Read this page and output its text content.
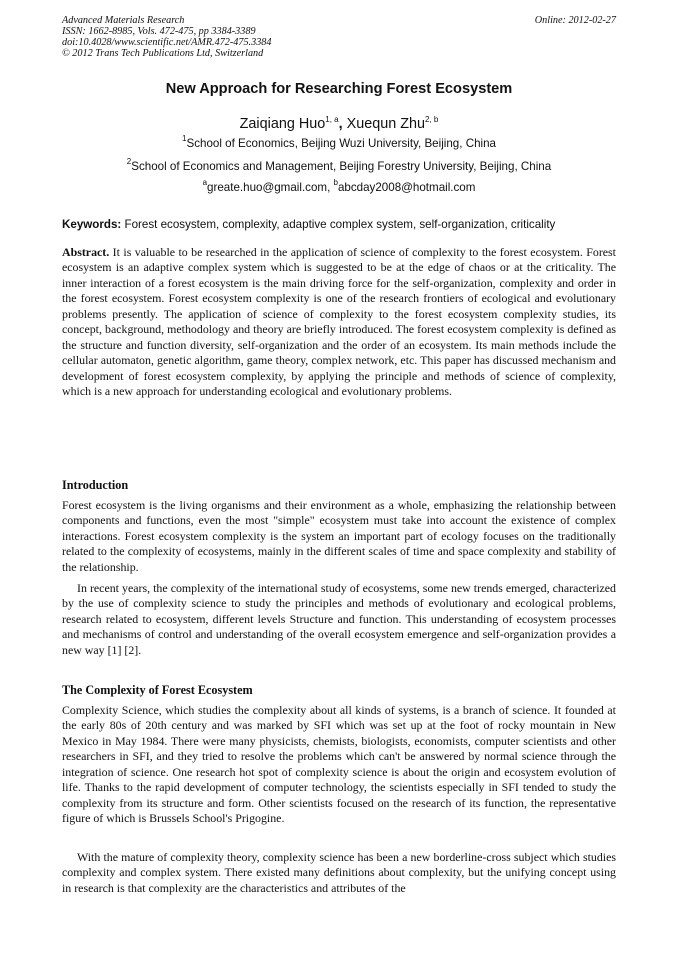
Advanced Materials Research
ISSN: 1662-8985, Vols. 472-475, pp 3384-3389
doi:10.4028/www.scientific.net/AMR.472-475.3384
© 2012 Trans Tech Publications Ltd, Switzerland
Online: 2012-02-27
New Approach for Researching Forest Ecosystem
Zaiqiang Huo$^{1, a}$, Xuequn Zhu$^{2, b}$
$^1$School of Economics, Beijing Wuzi University, Beijing, China
$^2$School of Economics and Management, Beijing Forestry University, Beijing, China
$^a$greate.huo@gmail.com, $^b$abcday2008@hotmail.com
Keywords: Forest ecosystem, complexity, adaptive complex system, self-organization, criticality

Abstract. It is valuable to be researched in the application of science of complexity to the forest ecosystem. Forest ecosystem is an adaptive complex system which is suggested to be at the edge of chaos or at the criticality. The inner interaction of a forest ecosystem is the main driving force for the self-organization, complexity and order in the forest ecosystem. Forest ecosystem complexity is one of the research frontiers of ecological and evolutionary problems presently. The application of science of complexity to the forest ecosystem complexity studies, its concept, background, methodology and theory are briefly introduced. The forest ecosystem complexity is defined as the structure and function diversity, self-organization and the order of an ecosystem. Its main methods include the cellular automaton, genetic algorithm, game theory, complex network, etc. This paper has discussed mechanism and development of forest ecosystem complexity, by applying the principle and methods of science of complexity, which is a new approach for understanding ecological and evolutionary problems.

Introduction

Forest ecosystem is the living organisms and their environment as a whole, emphasizing the relationship between components and functions, even the most "simple" ecosystem must take into account the existence of complex interactions. Forest ecosystem complexity is the system an important part of ecology focuses on the traditionally related to the complexity of ecosystems, mainly in the different scales of time and space complexity and stability of the relationship.

In recent years, the complexity of the international study of ecosystems, some new trends emerged, characterized by the use of complexity science to study the principles and methods of evolutionary and ecological problems, research related to ecosystem, different levels Structure and function. This understanding of ecosystem processes and mechanisms of control and understanding of the overall ecosystem emergence and self-organization provides a new way [1] [2].

The Complexity of Forest Ecosystem

Complexity Science, which studies the complexity about all kinds of systems, is a branch of science. It founded at the early 80s of 20th century and was marked by SFI which was set up at the foot of rocky mountain in New Mexico in May 1984. There were many physicists, chemists, biologists, economists, computer scientists and other researchers in SFI, and they tried to resolve the problems which can't be answered by normal science through the integration of science. One research hot spot of complexity science is about the origin and ecosystem evolution of life. Thanks to the rapid development of computer technology, the scientists especially in SFI tended to study the complexity from its structure and form. Other scientists focused on the research of its function, the representative figure of which is Brussels School's Prigogine.

With the mature of complexity theory, complexity science has been a new borderline-cross subject which studies complexity and complex system. There existed many definitions about complexity, but the unifying concept using in research is that complexity are the characteristics and attributes of the
